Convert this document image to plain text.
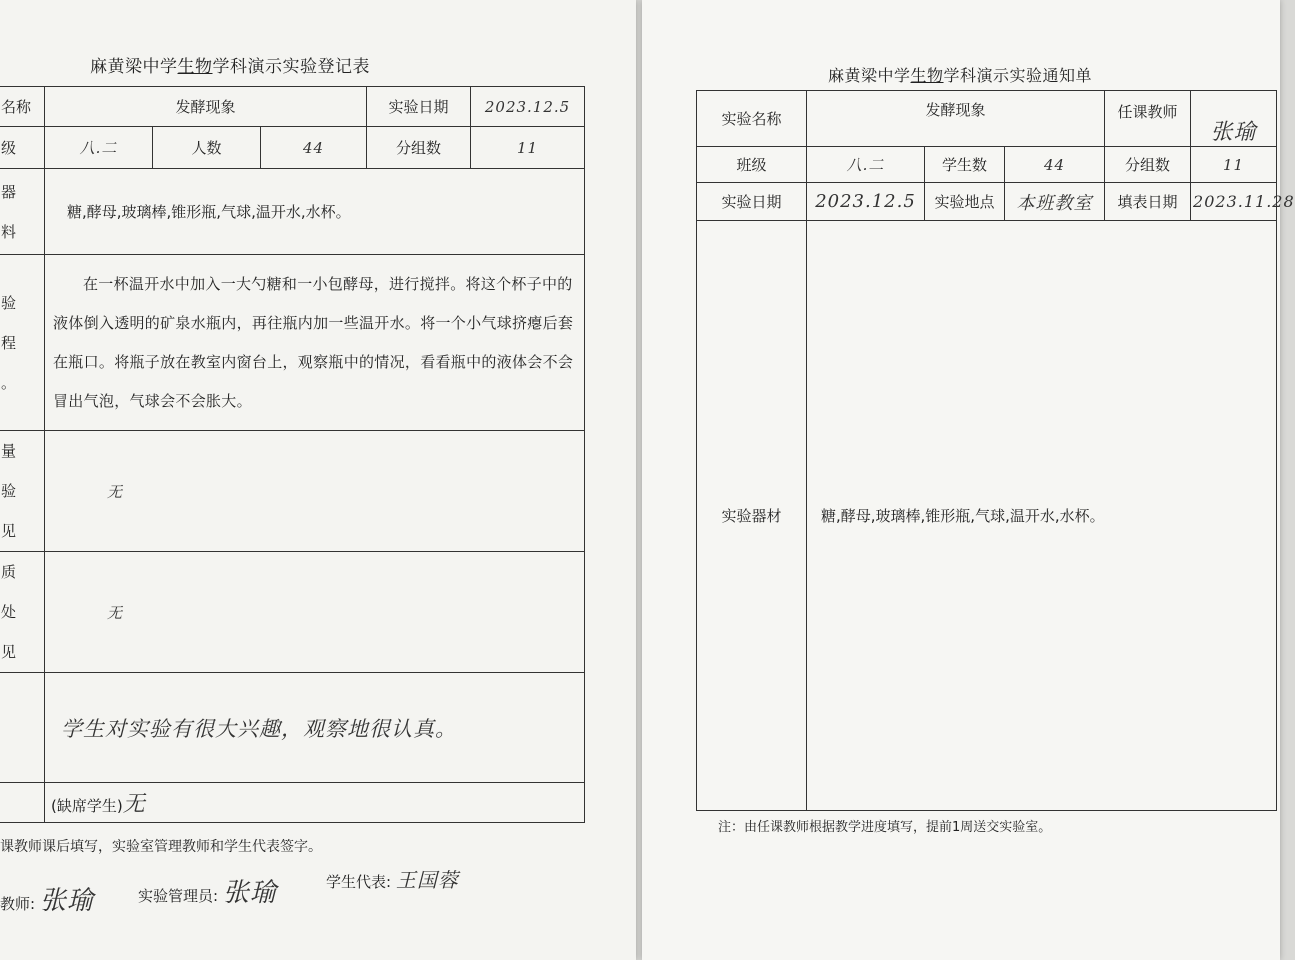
麻黄梁中学生物学科演示实验登记表
名称	发酵现象			实验日期	2023.12.5
级	八.二	人数	44	分组数	11

器
料	糖,酵母,玻璃棒,锥形瓶,气球,温开水,水杯。				

验
程
。	在一杯温开水中加入一大勺糖和一小包酵母，进行搅拌。将这个杯子中的液体倒入透明的矿泉水瓶内，再往瓶内加一些温开水。将一个小气球挤瘪后套在瓶口。将瓶子放在教室内窗台上，观察瓶中的情况，看看瓶中的液体会不会冒出气泡，气球会不会胀大。				

量
验
见	无				

质
处
见	无				
	学生对实验有很大兴趣，观察地很认真。				
	(缺席学生)无				
课教师课后填写，实验室管理教师和学生代表签字。
教师: 张瑜	实验管理员: 张瑜	学生代表: 王国蓉
麻黄梁中学生物学科演示实验通知单
实验名称	发酵现象			任课教师	张瑜
班级	八.二	学生数	44	分组数	11
实验日期	2023.12.5	实验地点	本班教室	填表日期	2023.11.28
实验器材	糖,酵母,玻璃棒,锥形瓶,气球,温开水,水杯。				
注：由任课教师根据教学进度填写，提前1周送交实验室。
